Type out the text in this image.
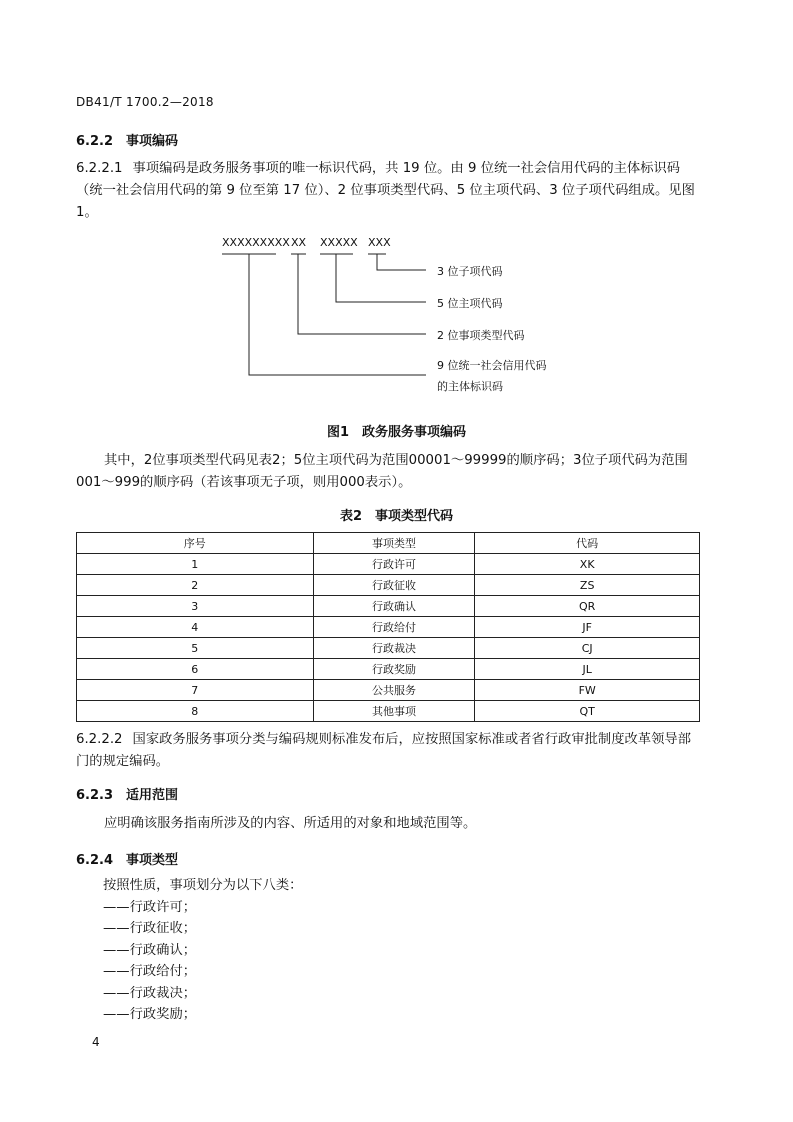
DB41/T 1700.2—2018
6.2.2 事项编码
6.2.2.1 事项编码是政务服务事项的唯一标识代码，共 19 位。由 9 位统一社会信用代码的主体标识码（统一社会信用代码的第 9 位至第 17 位）、2 位事项类型代码、5 位主项代码、3 位子项代码组成。见图1。
XXXXXXXXX XX XXXXX XXX
3 位子项代码
5 位主项代码
2 位事项类型代码
9 位统一社会信用代码
的主体标识码
图1　政务服务事项编码
其中，2位事项类型代码见表2；5位主项代码为范围00001～99999的顺序码；3位子项代码为范围001～999的顺序码（若该事项无子项，则用000表示）。
表2　事项类型代码
序号	事项类型	代码
1	行政许可	XK
2	行政征收	ZS
3	行政确认	QR
4	行政给付	JF
5	行政裁决	CJ
6	行政奖励	JL
7	公共服务	FW
8	其他事项	QT
6.2.2.2 国家政务服务事项分类与编码规则标准发布后，应按照国家标准或者省行政审批制度改革领导部门的规定编码。
6.2.3 适用范围
应明确该服务指南所涉及的内容、所适用的对象和地域范围等。
6.2.4 事项类型
按照性质，事项划分为以下八类：
——行政许可；
——行政征收；
——行政确认；
——行政给付；
——行政裁决；
——行政奖励；
4
